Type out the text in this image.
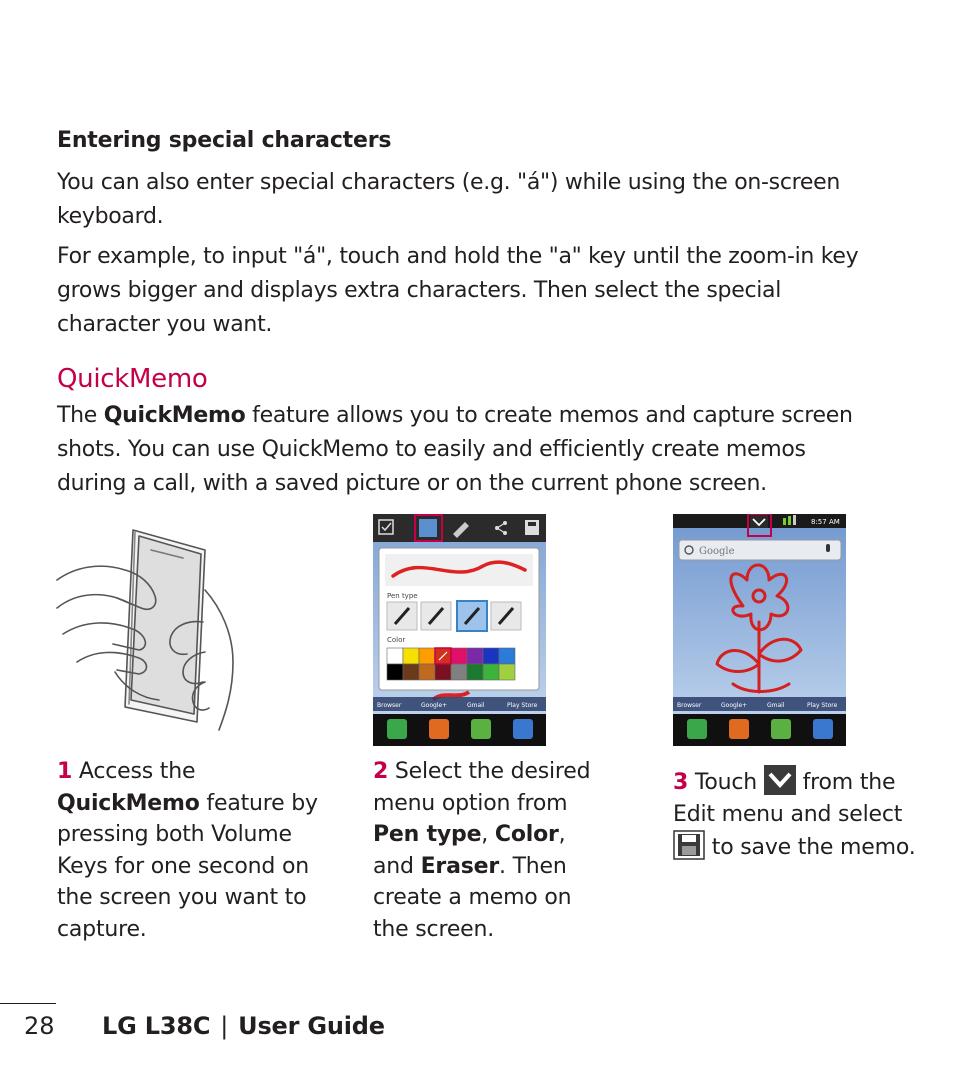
Entering special characters

You can also enter special characters (e.g. "á") while using the on-screen keyboard.

For example, to input "á", touch and hold the "a" key until the zoom-in key grows bigger and displays extra characters. Then select the special character you want.

QuickMemo

The QuickMemo feature allows you to create memos and capture screen shots. You can use QuickMemo to easily and efficiently create memos during a call, with a saved picture or on the current phone screen.

Pen type
Color
Browser	Google+	Gmail	Play Store
8:57 AM
Google
Browser	Google+	Gmail	Play Store

1 Access the QuickMemo feature by pressing both Volume Keys for one second on the screen you want to capture.

2 Select the desired menu option from Pen type, Color, and Eraser. Then create a memo on the screen.

3 Touch
from the Edit menu and select
to save the memo.

28 LG L38C | User Guide
